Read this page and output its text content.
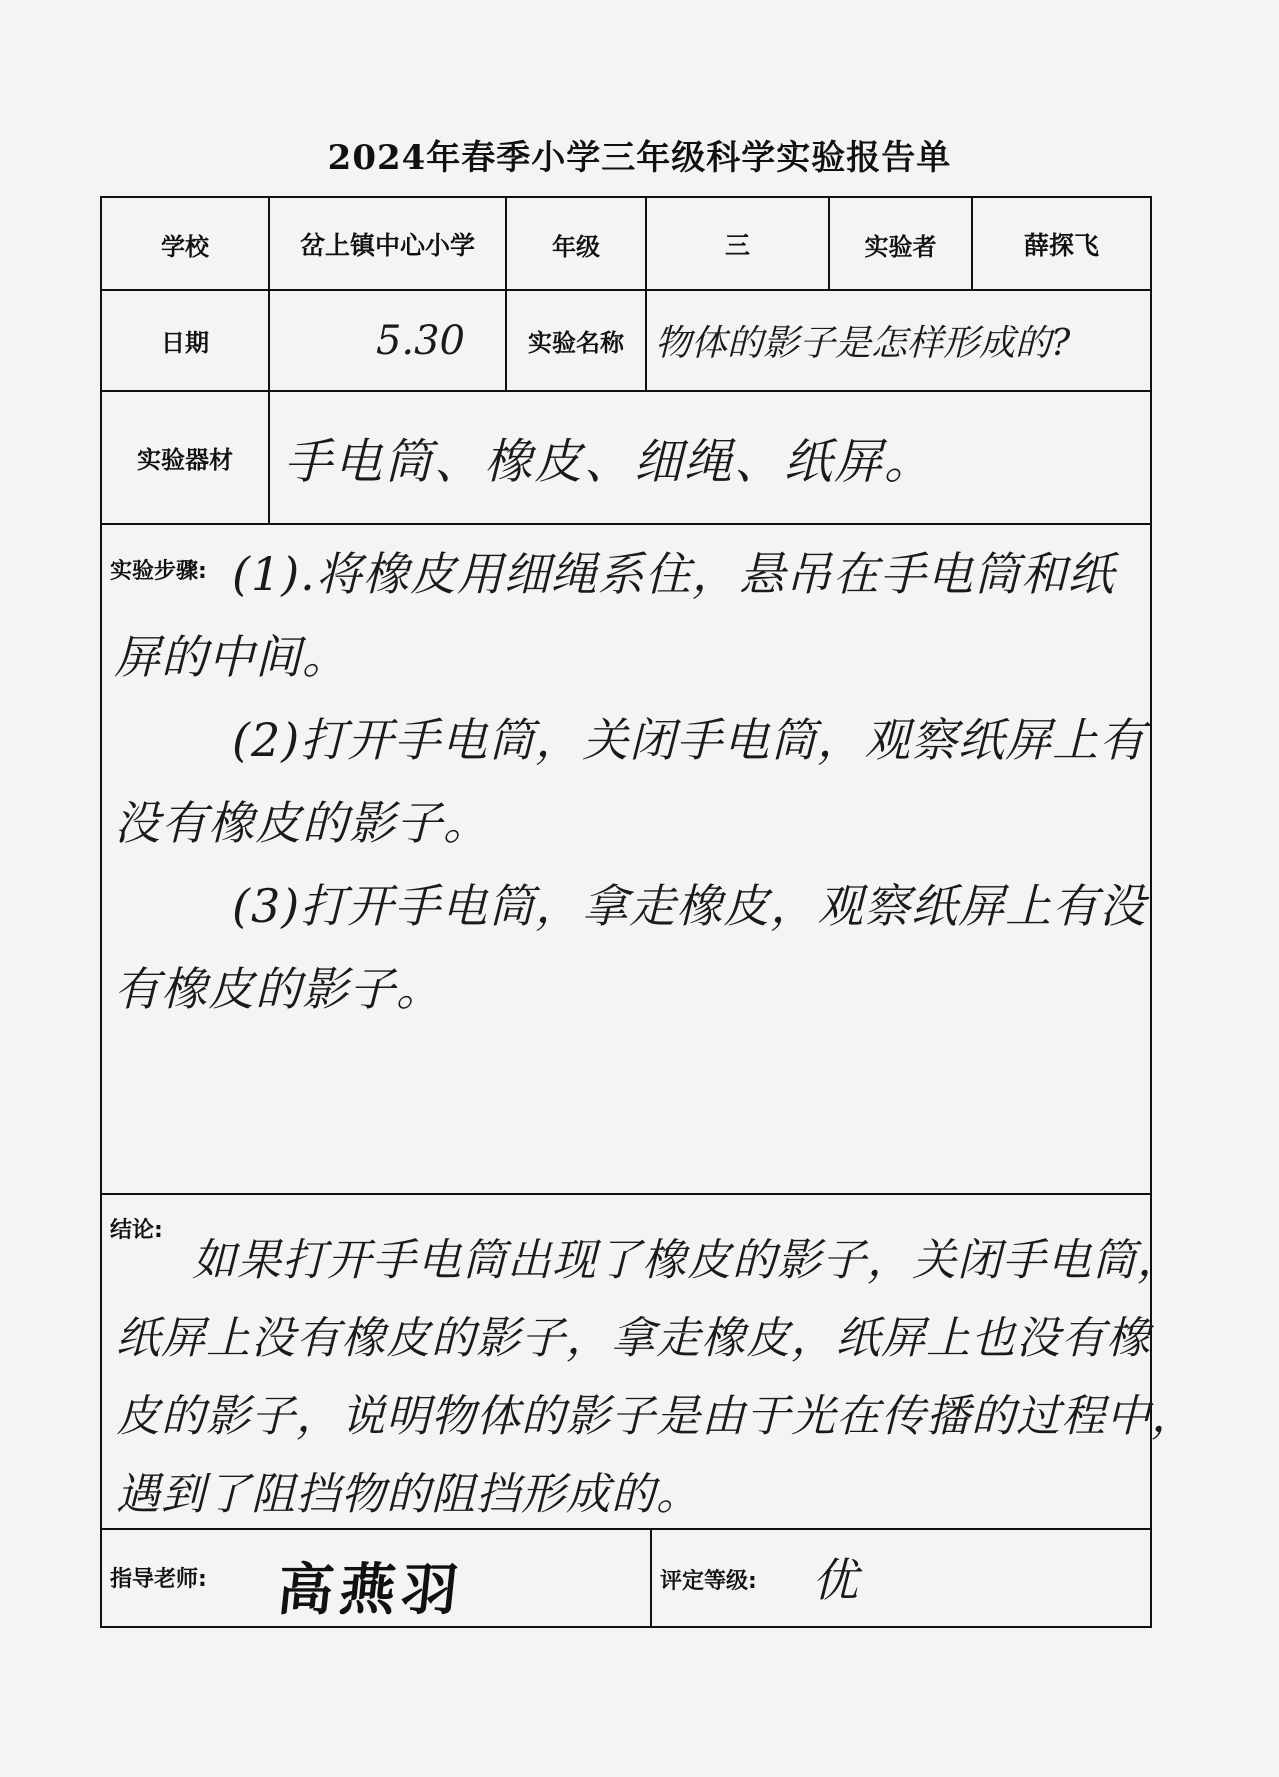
2024年春季小学三年级科学实验报告单
学校	岔上镇中心小学	年级	三	实验者	薛探飞
日期	5.30	实验名称 物体的影子是怎样形成的?
实验器材	手电筒、橡皮、细绳、纸屏。
实验步骤: (1).将橡皮用细绳系住，悬吊在手电筒和纸
屏的中间。
(2)打开手电筒，关闭手电筒，观察纸屏上有
没有橡皮的影子。
(3)打开手电筒，拿走橡皮，观察纸屏上有没
有橡皮的影子。
结论:
如果打开手电筒出现了橡皮的影子，关闭手电筒，
纸屏上没有橡皮的影子，拿走橡皮，纸屏上也没有橡
皮的影子，说明物体的影子是由于光在传播的过程中，
遇到了阻挡物的阻挡形成的。
指导老师: 高燕羽	评定等级: 优
